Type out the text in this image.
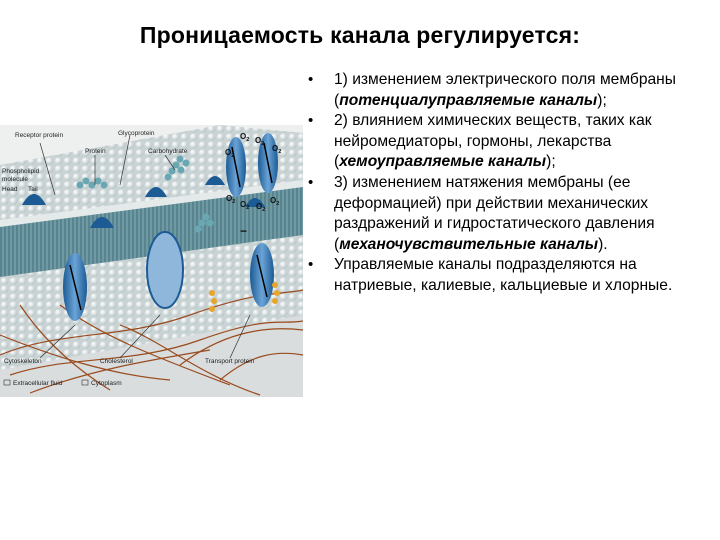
Проницаемость канала регулируется:
Receptor protein	Glycoprotein
Protein	Carbohydrate
Phospholipid
molecule
Head Tail
Cytoskeleton	Cholesterol	Transport protein
Extracellular fluid	Cytoplasm
$O_2$ $O_2$
$O_2$
$O_2$
$O_2$ $O_2$ $O_2$
$O_2$
−
• 1) изменением электрического поля мембраны (потенциалуправляемые каналы);
• 2) влиянием химических веществ, таких как нейромедиаторы, гормоны, лекарства (хемоуправляемые каналы);
• 3) изменением натяжения мембраны (ее деформацией) при действии механических раздражений и гидростатического давления (механочувствительные каналы).
• Управляемые каналы подразделяются на натриевые, калиевые, кальциевые и хлорные.
